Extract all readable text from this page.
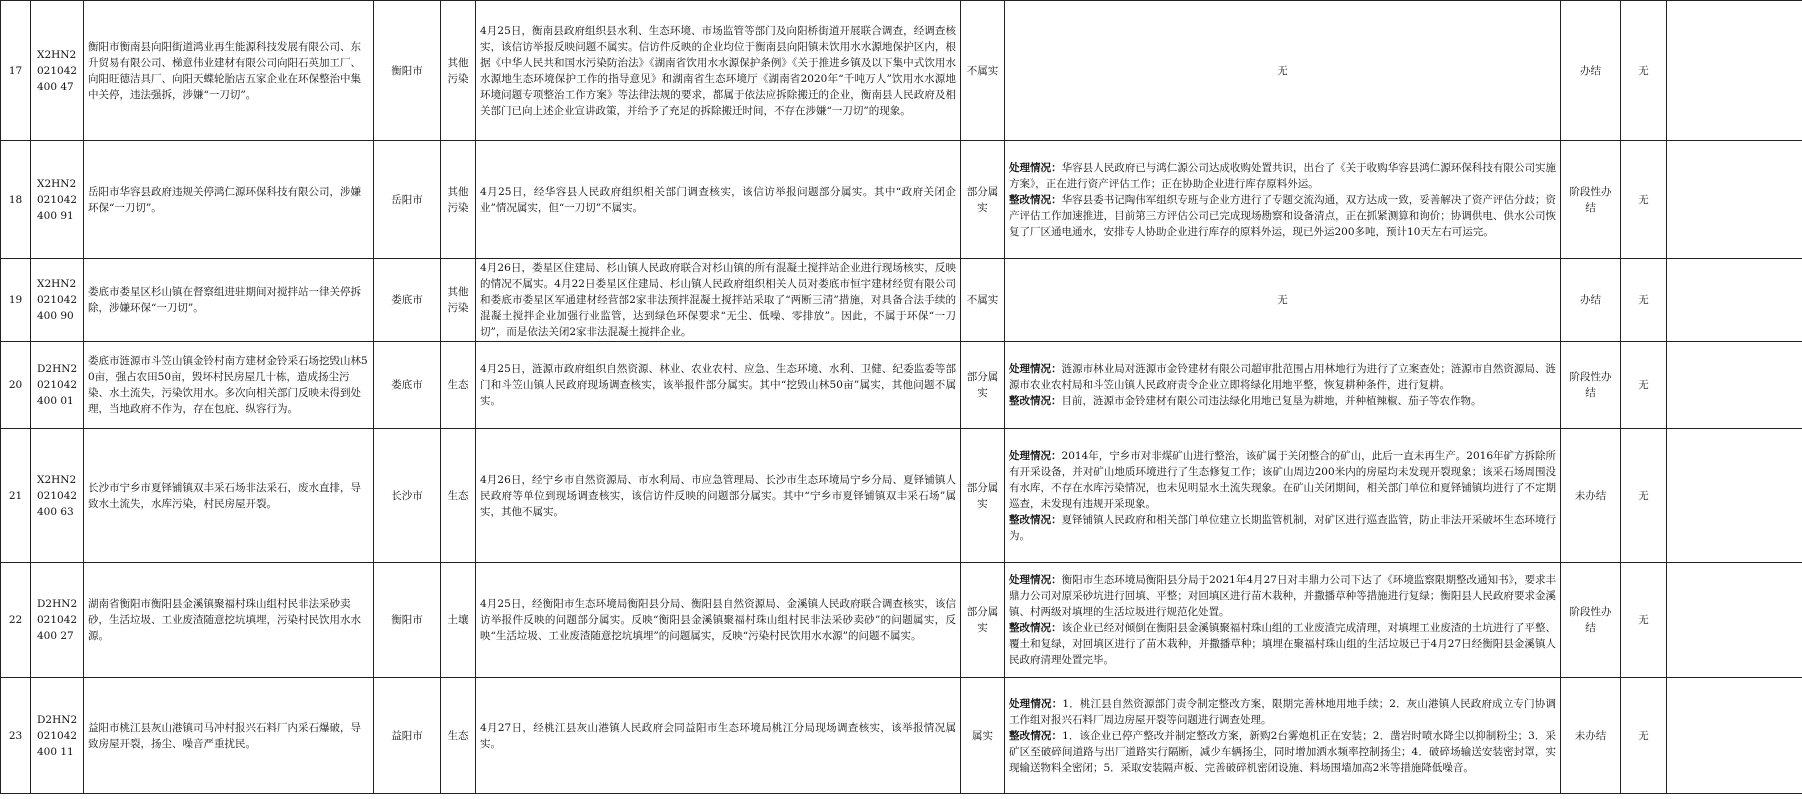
17	X2HN2021042400 47	衡阳市衡南县向阳街道鸿业再生能源科技发展有限公司、东升贸易有限公司、梯意伟业建材有限公司向阳石英加工厂、向阳旺德洁具厂、向阳天蝶轮胎店五家企业在环保整治中集中关停，违法强拆，涉嫌“一刀切”。	衡阳市	其他污染	4月25日，衡南县政府组织县水利、生态环境、市场监管等部门及向阳桥街道开展联合调查，经调查核实，该信访举报反映问题不属实。信访件反映的企业均位于衡南县向阳镇未饮用水水源地保护区内，根据《中华人民共和国水污染防治法》《湖南省饮用水水源保护条例》《关于推进乡镇及以下集中式饮用水水源地生态环境保护工作的指导意见》和湖南省生态环境厅《湖南省2020年“千吨万人”饮用水水源地环境问题专项整治工作方案》等法律法规的要求，都属于依法应拆除搬迁的企业，衡南县人民政府及相关部门已向上述企业宣讲政策，并给予了充足的拆除搬迁时间，不存在涉嫌“一刀切”的现象。	不属实	无	办结	无	
18	X2HN2021042400 91	岳阳市华容县政府违规关停鸿仁源环保科技有限公司，涉嫌环保“一刀切”。	岳阳市	其他污染	4月25日，经华容县人民政府组织相关部门调查核实，该信访举报问题部分属实。其中“政府关闭企业”情况属实，但“一刀切”不属实。	部分属实	处理情况：华容县人民政府已与鸿仁源公司达成收购处置共识，出台了《关于收购华容县鸿仁源环保科技有限公司实施方案》，正在进行资产评估工作；正在协助企业进行库存原料外运。
整改情况：华容县委书记陶伟军组织专班与企业方进行了专题交流沟通，双方达成一致，妥善解决了资产评估分歧；资产评估工作加速推进，目前第三方评估公司已完成现场勘察和设备清点，正在抓紧测算和询价；协调供电、供水公司恢复了厂区通电通水，安排专人协助企业进行库存的原料外运，现已外运200多吨，预计10天左右可运完。	阶段性办结	无	
19	X2HN2021042400 90	娄底市娄星区杉山镇在督察组进驻期间对搅拌站一律关停拆除，涉嫌环保“一刀切”。	娄底市	其他污染	4月26日，娄星区住建局、杉山镇人民政府联合对杉山镇的所有混凝土搅拌站企业进行现场核实，反映的情况不属实。4月22日娄星区住建局、杉山镇人民政府组织相关人员对娄底市恒宇建材经贸有限公司和娄底市娄星区军通建材经营部2家非法预拌混凝土搅拌站采取了“两断三清”措施，对具备合法手续的混凝土搅拌企业加强行业监管，达到绿色环保要求“无尘、低噪、零排放”。因此，不属于环保“一刀切”，而是依法关闭2家非法混凝土搅拌企业。	不属实	无	办结	无	
20	D2HN2021042400 01	娄底市涟源市斗笠山镇金铃村南方建材金铃采石场挖毁山林50亩，强占农田50亩，毁坏村民房屋几十栋，造成扬尘污染、水土流失，污染饮用水。多次向相关部门反映未得到处理，当地政府不作为，存在包庇、纵容行为。	娄底市	生态	4月25日，涟源市政府组织自然资源、林业、农业农村、应急、生态环境、水利、卫健、纪委监委等部门和斗笠山镇人民政府现场调查核实，该举报件部分属实。其中“挖毁山林50亩”属实，其他问题不属实。	部分属实	处理情况：涟源市林业局对涟源市金铃建材有限公司超审批范围占用林地行为进行了立案查处；涟源市自然资源局、涟源市农业农村局和斗笠山镇人民政府责令企业立即将绿化用地平整，恢复耕种条件，进行复耕。
整改情况：目前，涟源市金铃建材有限公司违法绿化用地已复垦为耕地，并种植辣椒、茄子等农作物。	阶段性办结	无	
21	X2HN2021042400 63	长沙市宁乡市夏铎铺镇双丰采石场非法采石，废水直排，导致水土流失，水库污染，村民房屋开裂。	长沙市	生态	4月26日，经宁乡市自然资源局、市水利局、市应急管理局、长沙市生态环境局宁乡分局、夏铎铺镇人民政府等单位到现场调查核实，该信访件反映的问题部分属实。其中“宁乡市夏铎铺镇双丰采石场”属实，其他不属实。	部分属实	处理情况：2014年，宁乡市对非煤矿山进行整治，该矿属于关闭整合的矿山，此后一直未再生产。2016年矿方拆除所有开采设备，并对矿山地质环境进行了生态修复工作；该矿山周边200米内的房屋均未发现开裂现象；该采石场周围没有水库，不存在水库污染情况，也未见明显水土流失现象。在矿山关闭期间，相关部门单位和夏铎铺镇均进行了不定期巡查，未发现有违规开采现象。
整改情况：夏铎铺镇人民政府和相关部门单位建立长期监管机制，对矿区进行巡查监管，防止非法开采破坏生态环境行为。	未办结	无	
22	D2HN2021042400 27	湖南省衡阳市衡阳县金溪镇聚福村珠山组村民非法采砂卖砂，生活垃圾、工业废渣随意挖坑填埋，污染村民饮用水水源。	衡阳市	土壤	4月25日，经衡阳市生态环境局衡阳县分局、衡阳县自然资源局、金溪镇人民政府联合调查核实，该信访举报件反映的问题部分属实。反映“衡阳县金溪镇聚福村珠山组村民非法采砂卖砂”的问题属实，反映“生活垃圾、工业废渣随意挖坑填埋”的问题属实，反映“污染村民饮用水水源”的问题不属实。	部分属实	处理情况：衡阳市生态环境局衡阳县分局于2021年4月27日对丰鼎力公司下达了《环境监察限期整改通知书》，要求丰鼎力公司对原采砂坑进行回填、平整；对回填区进行苗木栽种，并撒播草种等措施进行复绿；衡阳县人民政府要求金溪镇、村两级对填埋的生活垃圾进行规范化处置。
整改情况：该企业已经对倾倒在衡阳县金溪镇聚福村珠山组的工业废渣完成清理，对填埋工业废渣的土坑进行了平整、覆土和复绿，对回填区进行了苗木栽种，并撒播草种；填埋在聚福村珠山组的生活垃圾已于4月27日经衡阳县金溪镇人民政府清理处置完毕。	阶段性办结	无	
23	D2HN2021042400 11	益阳市桃江县灰山港镇司马冲村报兴石料厂内采石爆破，导致房屋开裂，扬尘、噪音严重扰民。	益阳市	生态	4月27日，经桃江县灰山港镇人民政府会同益阳市生态环境局桃江分局现场调查核实，该举报情况属实。	属实	处理情况：1．桃江县自然资源部门责令制定整改方案，限期完善林地用地手续；2．灰山港镇人民政府成立专门协调工作组对报兴石料厂周边房屋开裂等问题进行调查处理。
整改情况：1．该企业已停产整改并制定整改方案，新购2台雾炮机正在安装；2．凿岩时喷水降尘以抑制粉尘；3．采矿区至破碎间道路与出厂道路实行隔断，减少车辆扬尘，同时增加洒水频率控制扬尘；4．破碎场输送安装密封罩，实现输送物料全密闭；5．采取安装隔声板、完善破碎机密闭设施、料场围墙加高2米等措施降低噪音。	未办结	无	
